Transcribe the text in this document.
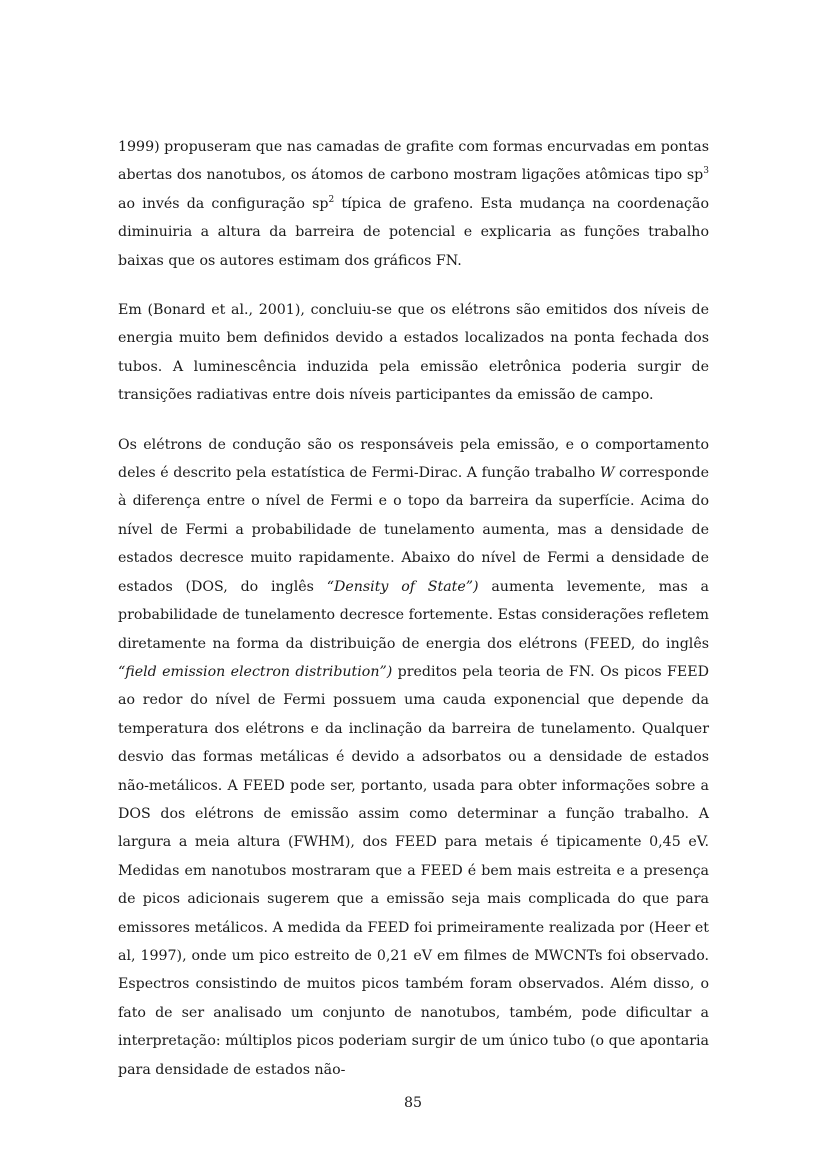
1999) propuseram que nas camadas de grafite com formas encurvadas em pontas abertas dos nanotubos, os átomos de carbono mostram ligações atômicas tipo $sp^3$ ao invés da configuração $sp^2$ típica de grafeno. Esta mudança na coordenação diminuiria a altura da barreira de potencial e explicaria as funções trabalho baixas que os autores estimam dos gráficos FN.

Em (Bonard et al., 2001), concluiu-se que os elétrons são emitidos dos níveis de energia muito bem definidos devido a estados localizados na ponta fechada dos tubos. A luminescência induzida pela emissão eletrônica poderia surgir de transições radiativas entre dois níveis participantes da emissão de campo.

Os elétrons de condução são os responsáveis pela emissão, e o comportamento deles é descrito pela estatística de Fermi-Dirac. A função trabalho W corresponde à diferença entre o nível de Fermi e o topo da barreira da superfície. Acima do nível de Fermi a probabilidade de tunelamento aumenta, mas a densidade de estados decresce muito rapidamente. Abaixo do nível de Fermi a densidade de estados (DOS, do inglês “Density of State”) aumenta levemente, mas a probabilidade de tunelamento decresce fortemente. Estas considerações refletem diretamente na forma da distribuição de energia dos elétrons (FEED, do inglês “field emission electron distribution”) preditos pela teoria de FN. Os picos FEED ao redor do nível de Fermi possuem uma cauda exponencial que depende da temperatura dos elétrons e da inclinação da barreira de tunelamento. Qualquer desvio das formas metálicas é devido a adsorbatos ou a densidade de estados não-metálicos. A FEED pode ser, portanto, usada para obter informações sobre a DOS dos elétrons de emissão assim como determinar a função trabalho. A largura a meia altura (FWHM), dos FEED para metais é tipicamente 0,45 eV. Medidas em nanotubos mostraram que a FEED é bem mais estreita e a presença de picos adicionais sugerem que a emissão seja mais complicada do que para emissores metálicos. A medida da FEED foi primeiramente realizada por (Heer et al, 1997), onde um pico estreito de 0,21 eV em filmes de MWCNTs foi observado. Espectros consistindo de muitos picos também foram observados. Além disso, o fato de ser analisado um conjunto de nanotubos, também, pode dificultar a interpretação: múltiplos picos poderiam surgir de um único tubo (o que apontaria para densidade de estados não-

85
